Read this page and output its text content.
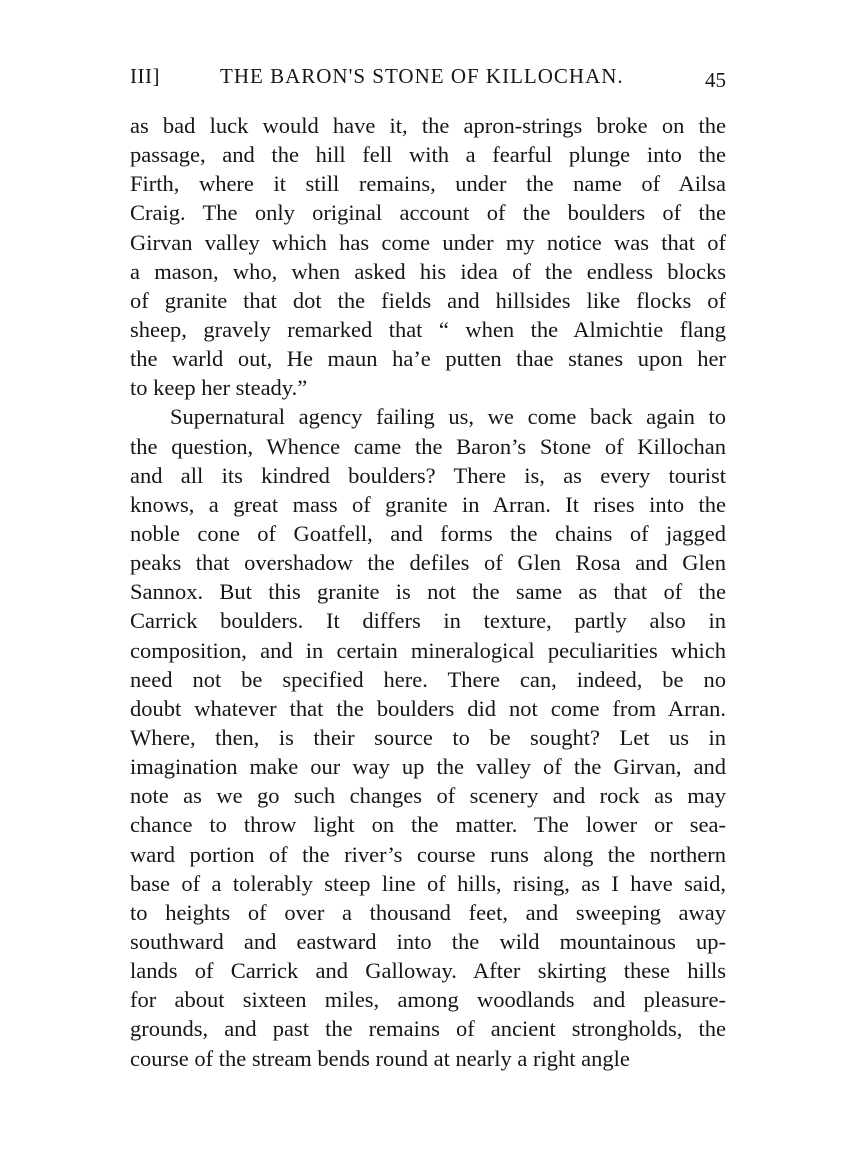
III]	THE BARON'S STONE OF KILLOCHAN.	45
as bad luck would have it, the apron-strings broke on the
passage, and the hill fell with a fearful plunge into the
Firth, where it still remains, under the name of Ailsa
Craig. The only original account of the boulders of the
Girvan valley which has come under my notice was that of
a mason, who, when asked his idea of the endless blocks
of granite that dot the fields and hillsides like flocks of
sheep, gravely remarked that “ when the Almichtie flang
the warld out, He maun ha’e putten thae stanes upon her
to keep her steady.”
Supernatural agency failing us, we come back again to
the question, Whence came the Baron’s Stone of Killochan
and all its kindred boulders? There is, as every tourist
knows, a great mass of granite in Arran. It rises into the
noble cone of Goatfell, and forms the chains of jagged
peaks that overshadow the defiles of Glen Rosa and Glen
Sannox. But this granite is not the same as that of the
Carrick boulders. It differs in texture, partly also in
composition, and in certain mineralogical peculiarities which
need not be specified here. There can, indeed, be no
doubt whatever that the boulders did not come from Arran.
Where, then, is their source to be sought? Let us in
imagination make our way up the valley of the Girvan, and
note as we go such changes of scenery and rock as may
chance to throw light on the matter. The lower or sea-
ward portion of the river’s course runs along the northern
base of a tolerably steep line of hills, rising, as I have said,
to heights of over a thousand feet, and sweeping away
southward and eastward into the wild mountainous up-
lands of Carrick and Galloway. After skirting these hills
for about sixteen miles, among woodlands and pleasure-
grounds, and past the remains of ancient strongholds, the
course of the stream bends round at nearly a right angle
